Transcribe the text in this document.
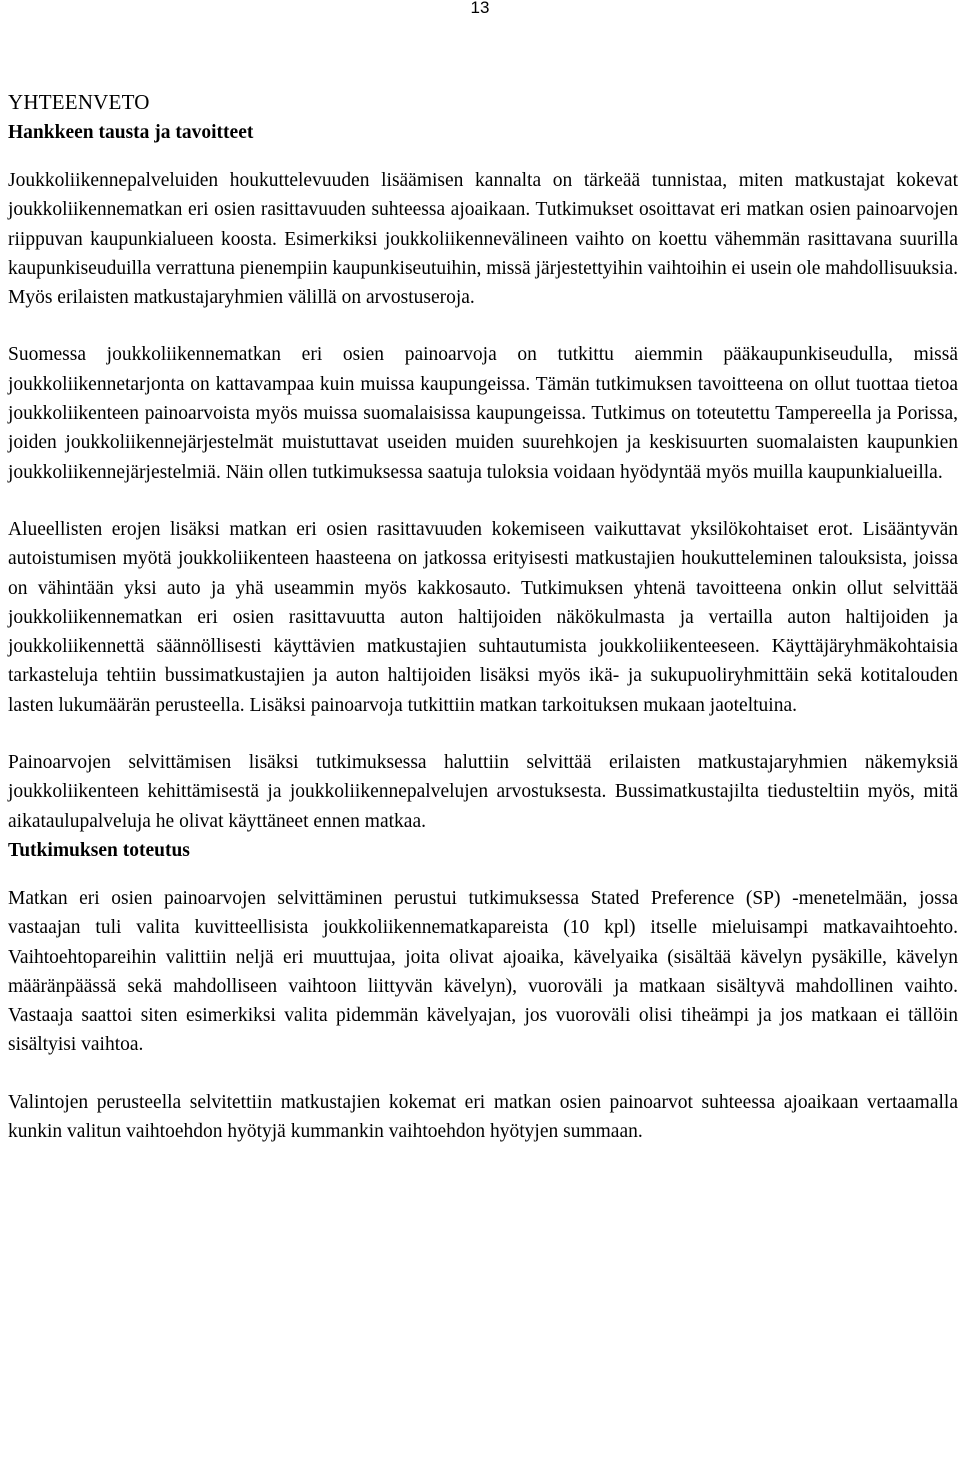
13
YHTEENVETO
Hankkeen tausta ja tavoitteet

Joukkoliikennepalveluiden houkuttelevuuden lisäämisen kannalta on tärkeää tunnistaa, miten matkustajat kokevat joukkoliikennematkan eri osien rasittavuuden suhteessa ajoaikaan. Tutkimukset osoittavat eri matkan osien painoarvojen riippuvan kaupunkialueen koosta. Esimerkiksi joukkoliikennevälineen vaihto on koettu vähemmän rasittavana suurilla kaupunkiseuduilla verrattuna pienempiin kaupunkiseutuihin, missä järjestettyihin vaihtoihin ei usein ole mahdollisuuksia. Myös erilaisten matkustajaryhmien välillä on arvostuseroja.

Suomessa joukkoliikennematkan eri osien painoarvoja on tutkittu aiemmin pääkaupunkiseudulla, missä joukkoliikennetarjonta on kattavampaa kuin muissa kaupungeissa. Tämän tutkimuksen tavoitteena on ollut tuottaa tietoa joukkoliikenteen painoarvoista myös muissa suomalaisissa kaupungeissa. Tutkimus on toteutettu Tampereella ja Porissa, joiden joukkoliikennejärjestelmät muistuttavat useiden muiden suurehkojen ja keskisuurten suomalaisten kaupunkien joukkoliikennejärjestelmiä. Näin ollen tutkimuksessa saatuja tuloksia voidaan hyödyntää myös muilla kaupunkialueilla.

Alueellisten erojen lisäksi matkan eri osien rasittavuuden kokemiseen vaikuttavat yksilökohtaiset erot. Lisääntyvän autoistumisen myötä joukkoliikenteen haasteena on jatkossa erityisesti matkustajien houkutteleminen talouksista, joissa on vähintään yksi auto ja yhä useammin myös kakkosauto. Tutkimuksen yhtenä tavoitteena onkin ollut selvittää joukkoliikennematkan eri osien rasittavuutta auton haltijoiden näkökulmasta ja vertailla auton haltijoiden ja joukkoliikennettä säännöllisesti käyttävien matkustajien suhtautumista joukkoliikenteeseen. Käyttäjäryhmäkohtaisia tarkasteluja tehtiin bussimatkustajien ja auton haltijoiden lisäksi myös ikä- ja sukupuoliryhmittäin sekä kotitalouden lasten lukumäärän perusteella. Lisäksi painoarvoja tutkittiin matkan tarkoituksen mukaan jaoteltuina.

Painoarvojen selvittämisen lisäksi tutkimuksessa haluttiin selvittää erilaisten matkustajaryhmien näkemyksiä joukkoliikenteen kehittämisestä ja joukkoliikennepalvelujen arvostuksesta. Bussimatkustajilta tiedusteltiin myös, mitä aikataulupalveluja he olivat käyttäneet ennen matkaa.

Tutkimuksen toteutus

Matkan eri osien painoarvojen selvittäminen perustui tutkimuksessa Stated Preference (SP) -menetelmään, jossa vastaajan tuli valita kuvitteellisista joukkoliikennematkapareista (10 kpl) itselle mieluisampi matkavaihtoehto. Vaihtoehtopareihin valittiin neljä eri muuttujaa, joita olivat ajoaika, kävelyaika (sisältää kävelyn pysäkille, kävelyn määränpäässä sekä mahdolliseen vaihtoon liittyvän kävelyn), vuoroväli ja matkaan sisältyvä mahdollinen vaihto. Vastaaja saattoi siten esimerkiksi valita pidemmän kävelyajan, jos vuoroväli olisi tiheämpi ja jos matkaan ei tällöin sisältyisi vaihtoa.

Valintojen perusteella selvitettiin matkustajien kokemat eri matkan osien painoarvot suhteessa ajoaikaan vertaamalla kunkin valitun vaihtoehdon hyötyjä kummankin vaihtoehdon hyötyjen summaan.
